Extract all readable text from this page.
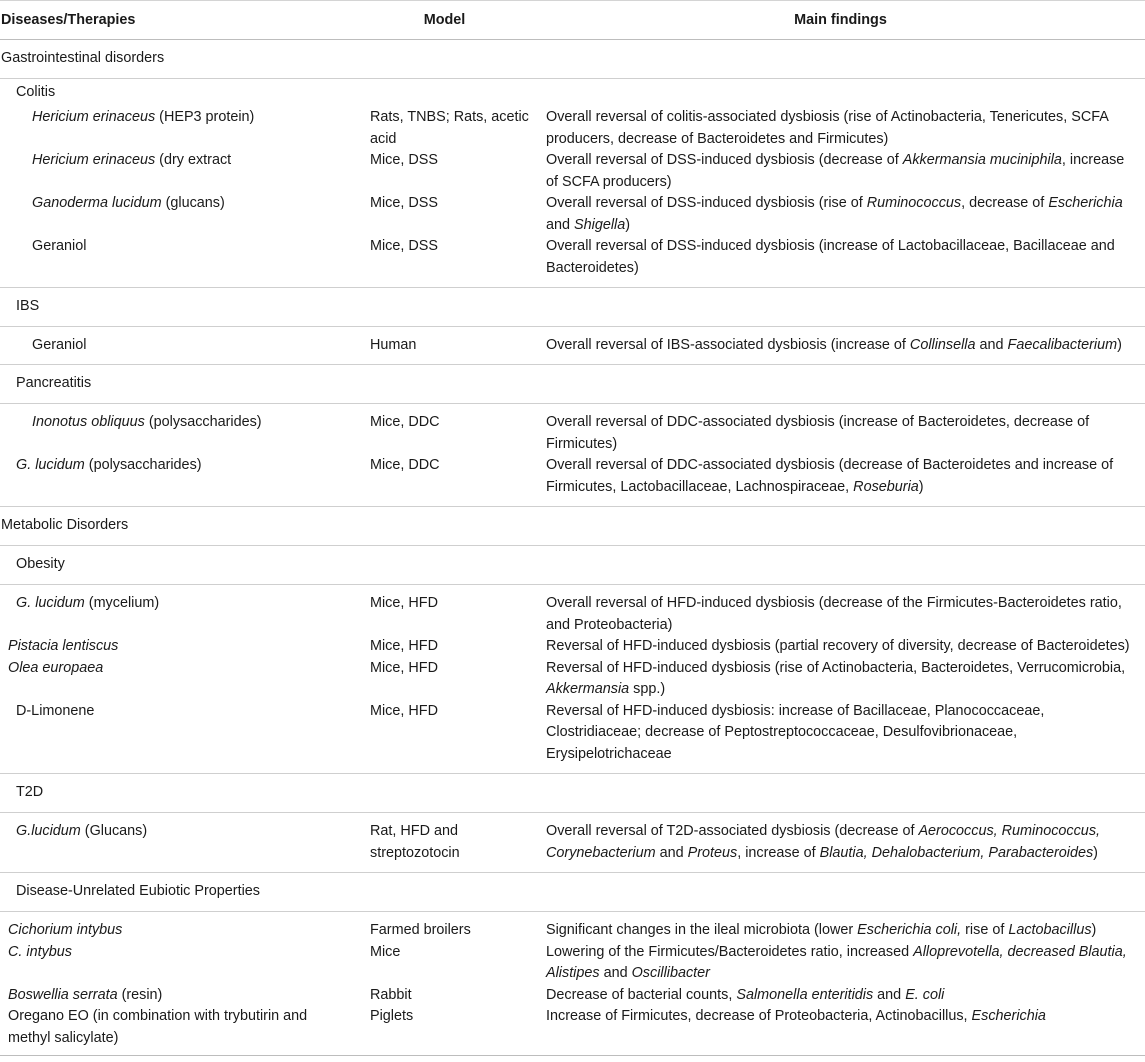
Diseases/Therapies	Model	Main findings
Gastrointestinal disorders		
Colitis		
Hericium erinaceus (HEP3 protein)	Rats, TNBS; Rats, acetic acid	Overall reversal of colitis-associated dysbiosis (rise of Actinobacteria, Tenericutes, SCFA producers, decrease of Bacteroidetes and Firmicutes)
Hericium erinaceus (dry extract	Mice, DSS	Overall reversal of DSS-induced dysbiosis (decrease of Akkermansia muciniphila, increase of SCFA producers)
Ganoderma lucidum (glucans)	Mice, DSS	Overall reversal of DSS-induced dysbiosis (rise of Ruminococcus, decrease of Escherichia and Shigella)
Geraniol	Mice, DSS	Overall reversal of DSS-induced dysbiosis (increase of Lactobacillaceae, Bacillaceae and Bacteroidetes)
IBS		
Geraniol	Human	Overall reversal of IBS-associated dysbiosis (increase of Collinsella and Faecalibacterium)
Pancreatitis		
Inonotus obliquus (polysaccharides)	Mice, DDC	Overall reversal of DDC-associated dysbiosis (increase of Bacteroidetes, decrease of Firmicutes)
G. lucidum (polysaccharides)	Mice, DDC	Overall reversal of DDC-associated dysbiosis (decrease of Bacteroidetes and increase of Firmicutes, Lactobacillaceae, Lachnospiraceae, Roseburia)
Metabolic Disorders		
Obesity		
G. lucidum (mycelium)	Mice, HFD	Overall reversal of HFD-induced dysbiosis (decrease of the Firmicutes-Bacteroidetes ratio, and Proteobacteria)
Pistacia lentiscus	Mice, HFD	Reversal of HFD-induced dysbiosis (partial recovery of diversity, decrease of Bacteroidetes)
Olea europaea	Mice, HFD	Reversal of HFD-induced dysbiosis (rise of Actinobacteria, Bacteroidetes, Verrucomicrobia, Akkermansia spp.)
D-Limonene	Mice, HFD	Reversal of HFD-induced dysbiosis: increase of Bacillaceae, Planococcaceae, Clostridiaceae; decrease of Peptostreptococcaceae, Desulfovibrionaceae, Erysipelotrichaceae
T2D		
G.lucidum (Glucans)	Rat, HFD and streptozotocin	Overall reversal of T2D-associated dysbiosis (decrease of Aerococcus, Ruminococcus, Corynebacterium and Proteus, increase of Blautia, Dehalobacterium, Parabacteroides)
Disease-Unrelated Eubiotic Properties		
Cichorium intybus	Farmed broilers	Significant changes in the ileal microbiota (lower Escherichia coli, rise of Lactobacillus)
C. intybus	Mice	Lowering of the Firmicutes/Bacteroidetes ratio, increased Alloprevotella, decreased Blautia, Alistipes and Oscillibacter
Boswellia serrata (resin)	Rabbit	Decrease of bacterial counts, Salmonella enteritidis and E. coli
Oregano EO (in combination with trybutirin and methyl salicylate)	Piglets	Increase of Firmicutes, decrease of Proteobacteria, Actinobacillus, Escherichia
